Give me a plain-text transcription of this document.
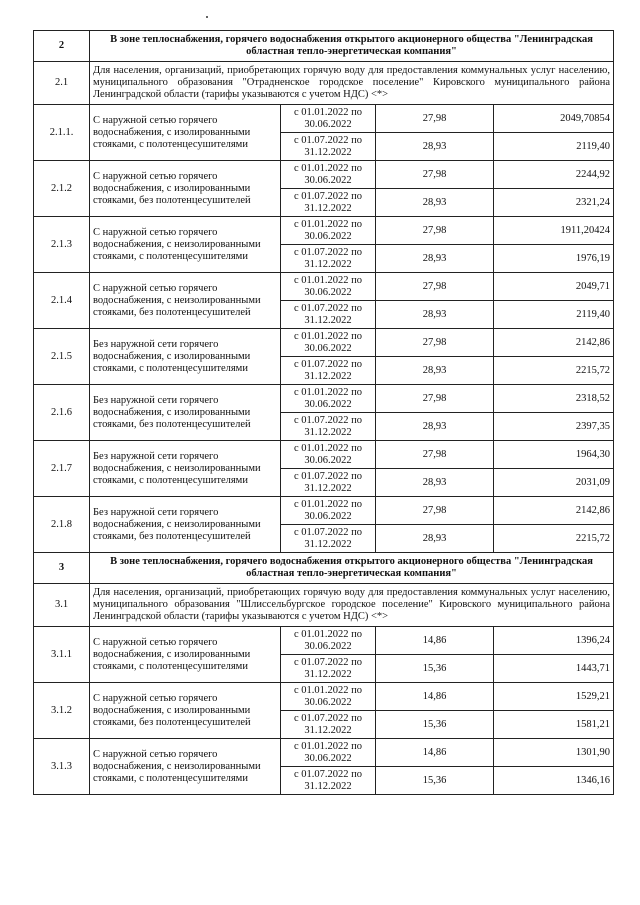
2	В зоне теплоснабжения, горячего водоснабжения открытого акционерного общества "Ленинградская областная тепло-энергетическая компания"			
2.1	Для населения, организаций, приобретающих горячую воду для предоставления коммунальных услуг населению, муниципального образования "Отрадненское городское поселение" Кировского муниципального района Ленинградской области (тарифы указываются с учетом НДС) <*>			
2.1.1.	С наружной сетью горячего водоснабжения, с изолированными стояками, с полотенцесушителями	с 01.01.2022 по 30.06.2022	27,98	2049,70854
		с 01.07.2022 по 31.12.2022	28,93	2119,40
2.1.2	С наружной сетью горячего водоснабжения, с изолированными стояками, без полотенцесушителей	с 01.01.2022 по 30.06.2022	27,98	2244,92
		с 01.07.2022 по 31.12.2022	28,93	2321,24
2.1.3	С наружной сетью горячего водоснабжения, с неизолированными стояками, с полотенцесушителями	с 01.01.2022 по 30.06.2022	27,98	1911,20424
		с 01.07.2022 по 31.12.2022	28,93	1976,19
2.1.4	С наружной сетью горячего водоснабжения, с неизолированными стояками, без полотенцесушителей	с 01.01.2022 по 30.06.2022	27,98	2049,71
		с 01.07.2022 по 31.12.2022	28,93	2119,40
2.1.5	Без наружной сети горячего водоснабжения, с изолированными стояками, с полотенцесушителями	с 01.01.2022 по 30.06.2022	27,98	2142,86
		с 01.07.2022 по 31.12.2022	28,93	2215,72
2.1.6	Без наружной сети горячего водоснабжения, с изолированными стояками, без полотенцесушителей	с 01.01.2022 по 30.06.2022	27,98	2318,52
		с 01.07.2022 по 31.12.2022	28,93	2397,35
2.1.7	Без наружной сети горячего водоснабжения, с неизолированными стояками, с полотенцесушителями	с 01.01.2022 по 30.06.2022	27,98	1964,30
		с 01.07.2022 по 31.12.2022	28,93	2031,09
2.1.8	Без наружной сети горячего водоснабжения, с неизолированными стояками, без полотенцесушителей	с 01.01.2022 по 30.06.2022	27,98	2142,86
		с 01.07.2022 по 31.12.2022	28,93	2215,72
3	В зоне теплоснабжения, горячего водоснабжения открытого акционерного общества "Ленинградская областная тепло-энергетическая компания"			
3.1	Для населения, организаций, приобретающих горячую воду для предоставления коммунальных услуг населению, муниципального образования "Шлиссельбургское городское поселение" Кировского муниципального района Ленинградской области (тарифы указываются с учетом НДС) <*>			
3.1.1	С наружной сетью горячего водоснабжения, с изолированными стояками, с полотенцесушителями	с 01.01.2022 по 30.06.2022	14,86	1396,24
		с 01.07.2022 по 31.12.2022	15,36	1443,71
3.1.2	С наружной сетью горячего водоснабжения, с изолированными стояками, без полотенцесушителей	с 01.01.2022 по 30.06.2022	14,86	1529,21
		с 01.07.2022 по 31.12.2022	15,36	1581,21
3.1.3	С наружной сетью горячего водоснабжения, с неизолированными стояками, с полотенцесушителями	с 01.01.2022 по 30.06.2022	14,86	1301,90
		с 01.07.2022 по 31.12.2022	15,36	1346,16
